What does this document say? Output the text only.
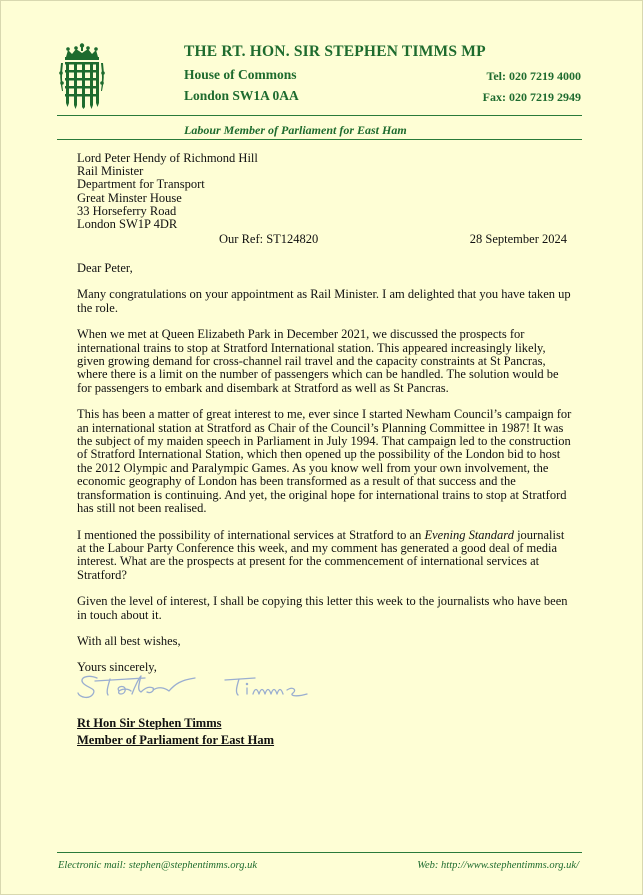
THE RT. HON. SIR STEPHEN TIMMS MP
House of Commons
London SW1A 0AA
Tel: 020 7219 4000
Fax: 020 7219 2949
Labour Member of Parliament for East Ham
Lord Peter Hendy of Richmond Hill
Rail Minister
Department for Transport
Great Minster House
33 Horseferry Road
London SW1P 4DR
Our Ref: ST124820	28 September 2024

Dear Peter,

Many congratulations on your appointment as Rail Minister. I am delighted that you have taken up the role.

When we met at Queen Elizabeth Park in December 2021, we discussed the prospects for international trains to stop at Stratford International station. This appeared increasingly likely, given growing demand for cross-channel rail travel and the capacity constraints at St Pancras, where there is a limit on the number of passengers which can be handled. The solution would be for passengers to embark and disembark at Stratford as well as St Pancras.

This has been a matter of great interest to me, ever since I started Newham Council’s campaign for an international station at Stratford as Chair of the Council’s Planning Committee in 1987! It was the subject of my maiden speech in Parliament in July 1994. That campaign led to the construction of Stratford International Station, which then opened up the possibility of the London bid to host the 2012 Olympic and Paralympic Games. As you know well from your own involvement, the economic geography of London has been transformed as a result of that success and the transformation is continuing. And yet, the original hope for international trains to stop at Stratford has still not been realised.

I mentioned the possibility of international services at Stratford to an Evening Standard journalist at the Labour Party Conference this week, and my comment has generated a good deal of media interest. What are the prospects at present for the commencement of international services at Stratford?

Given the level of interest, I shall be copying this letter this week to the journalists who have been in touch about it.

With all best wishes,

Yours sincerely,

Rt Hon Sir Stephen Timms
Member of Parliament for East Ham
Electronic mail: stephen@stephentimms.org.uk	Web: http://www.stephentimms.org.uk/
